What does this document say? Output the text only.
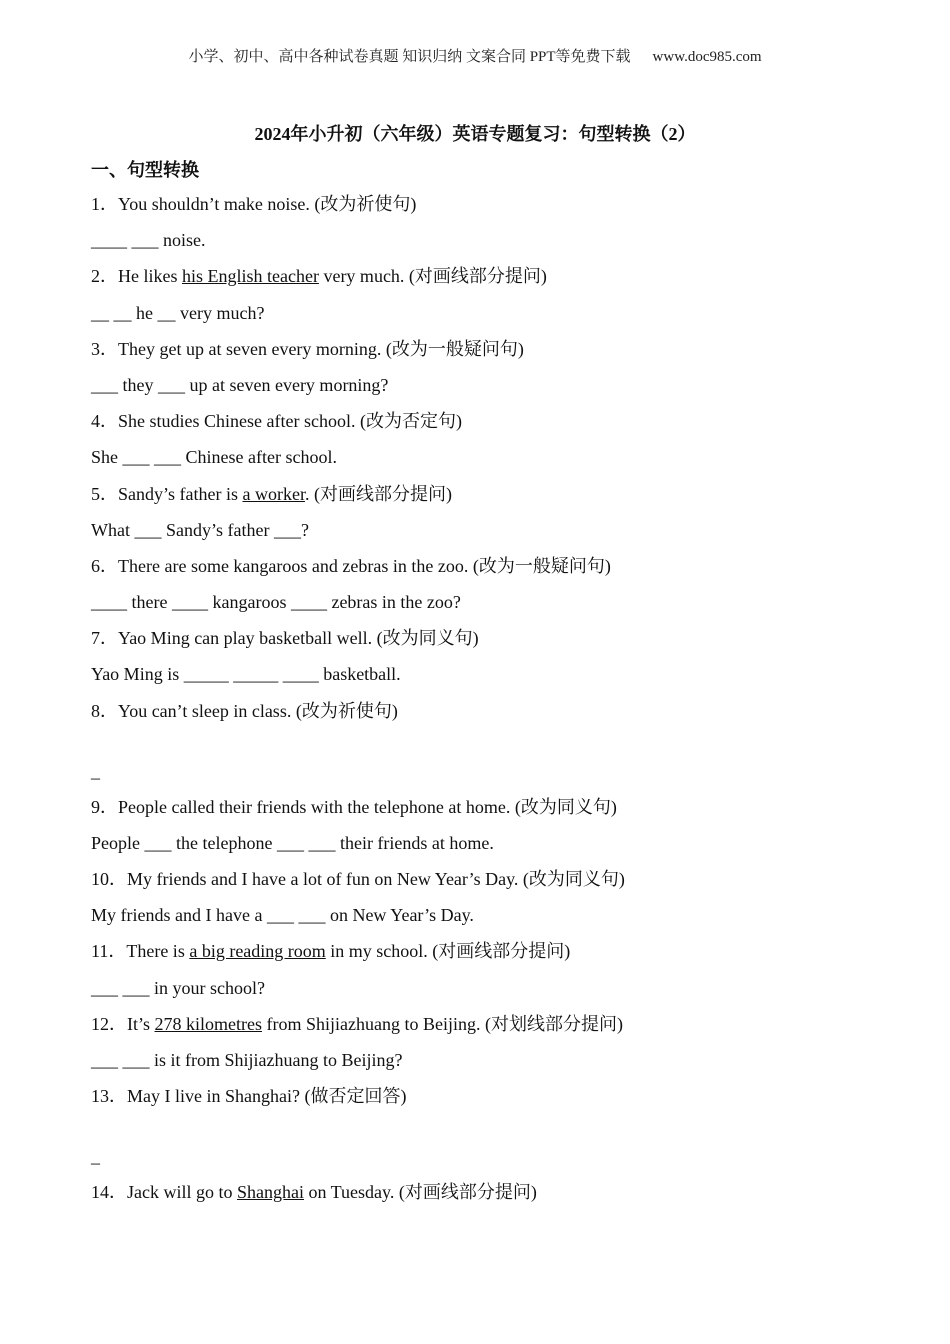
小学、初中、高中各种试卷真题 知识归纳 文案合同 PPT等免费下载 www.doc985.com
2024年小升初（六年级）英语专题复习：句型转换（2）
一、句型转换
1．You shouldn’t make noise. (改为祈使句)
____ ___ noise.
2．He likes his English teacher very much. (对画线部分提问)
__ __ he __ very much?
3．They get up at seven every morning. (改为一般疑问句)
___ they ___ up at seven every morning?
4．She studies Chinese after school. (改为否定句)
She ___ ___ Chinese after school.
5．Sandy’s father is a worker. (对画线部分提问)
What ___ Sandy’s father ___?
6．There are some kangaroos and zebras in the zoo. (改为一般疑问句)
____ there ____ kangaroos ____ zebras in the zoo?
7．Yao Ming can play basketball well. (改为同义句)
Yao Ming is _____ _____ ____ basketball.
8．You can’t sleep in class. (改为祈使句)
_
9．People called their friends with the telephone at home. (改为同义句)
People ___ the telephone ___ ___ their friends at home.
10．My friends and I have a lot of fun on New Year’s Day. (改为同义句)
My friends and I have a ___ ___ on New Year’s Day.
11．There is a big reading room in my school. (对画线部分提问)
___ ___ in your school?
12．It’s 278 kilometres from Shijiazhuang to Beijing. (对划线部分提问)
___ ___ is it from Shijiazhuang to Beijing?
13．May I live in Shanghai? (做否定回答)
_
14．Jack will go to Shanghai on Tuesday. (对画线部分提问)
